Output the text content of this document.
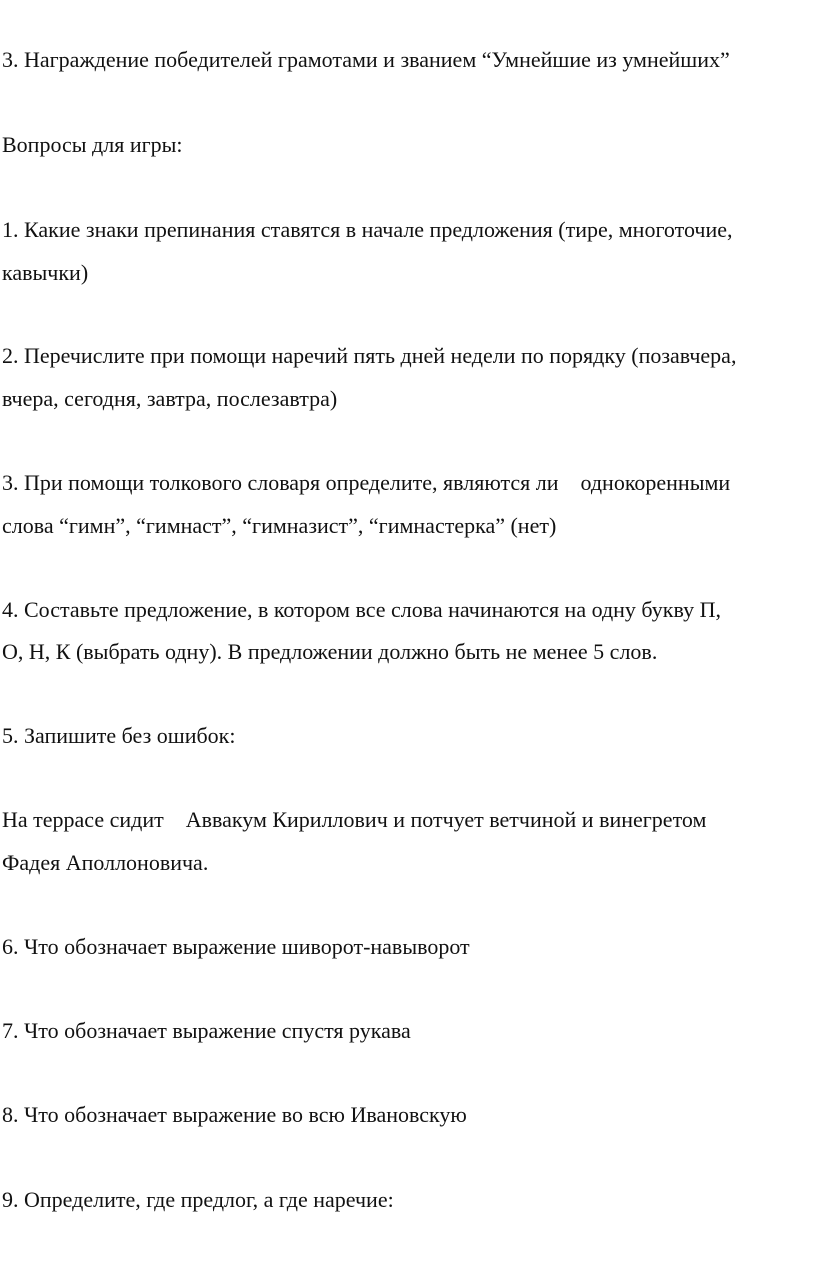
3. Награждение победителей грамотами и званием “Умнейшие из умнейших”
Вопросы для игры:
1. Какие знаки препинания ставятся в начале предложения (тире, многоточие,
кавычки)
2. Перечислите при помощи наречий пять дней недели по порядку (позавчера,
вчера, сегодня, завтра, послезавтра)
3. При помощи толкового словаря определите, являются ли    однокоренными
слова “гимн”, “гимнаст”, “гимназист”, “гимнастерка” (нет)
4. Составьте предложение, в котором все слова начинаются на одну букву П,
О, Н, К (выбрать одну). В предложении должно быть не менее 5 слов.
5. Запишите без ошибок:
На террасе сидит    Аввакум Кириллович и потчует ветчиной и винегретом
Фадея Аполлоновича.
6. Что обозначает выражение шиворот-навыворот
7. Что обозначает выражение спустя рукава
8. Что обозначает выражение во всю Ивановскую
9. Определите, где предлог, а где наречие:
